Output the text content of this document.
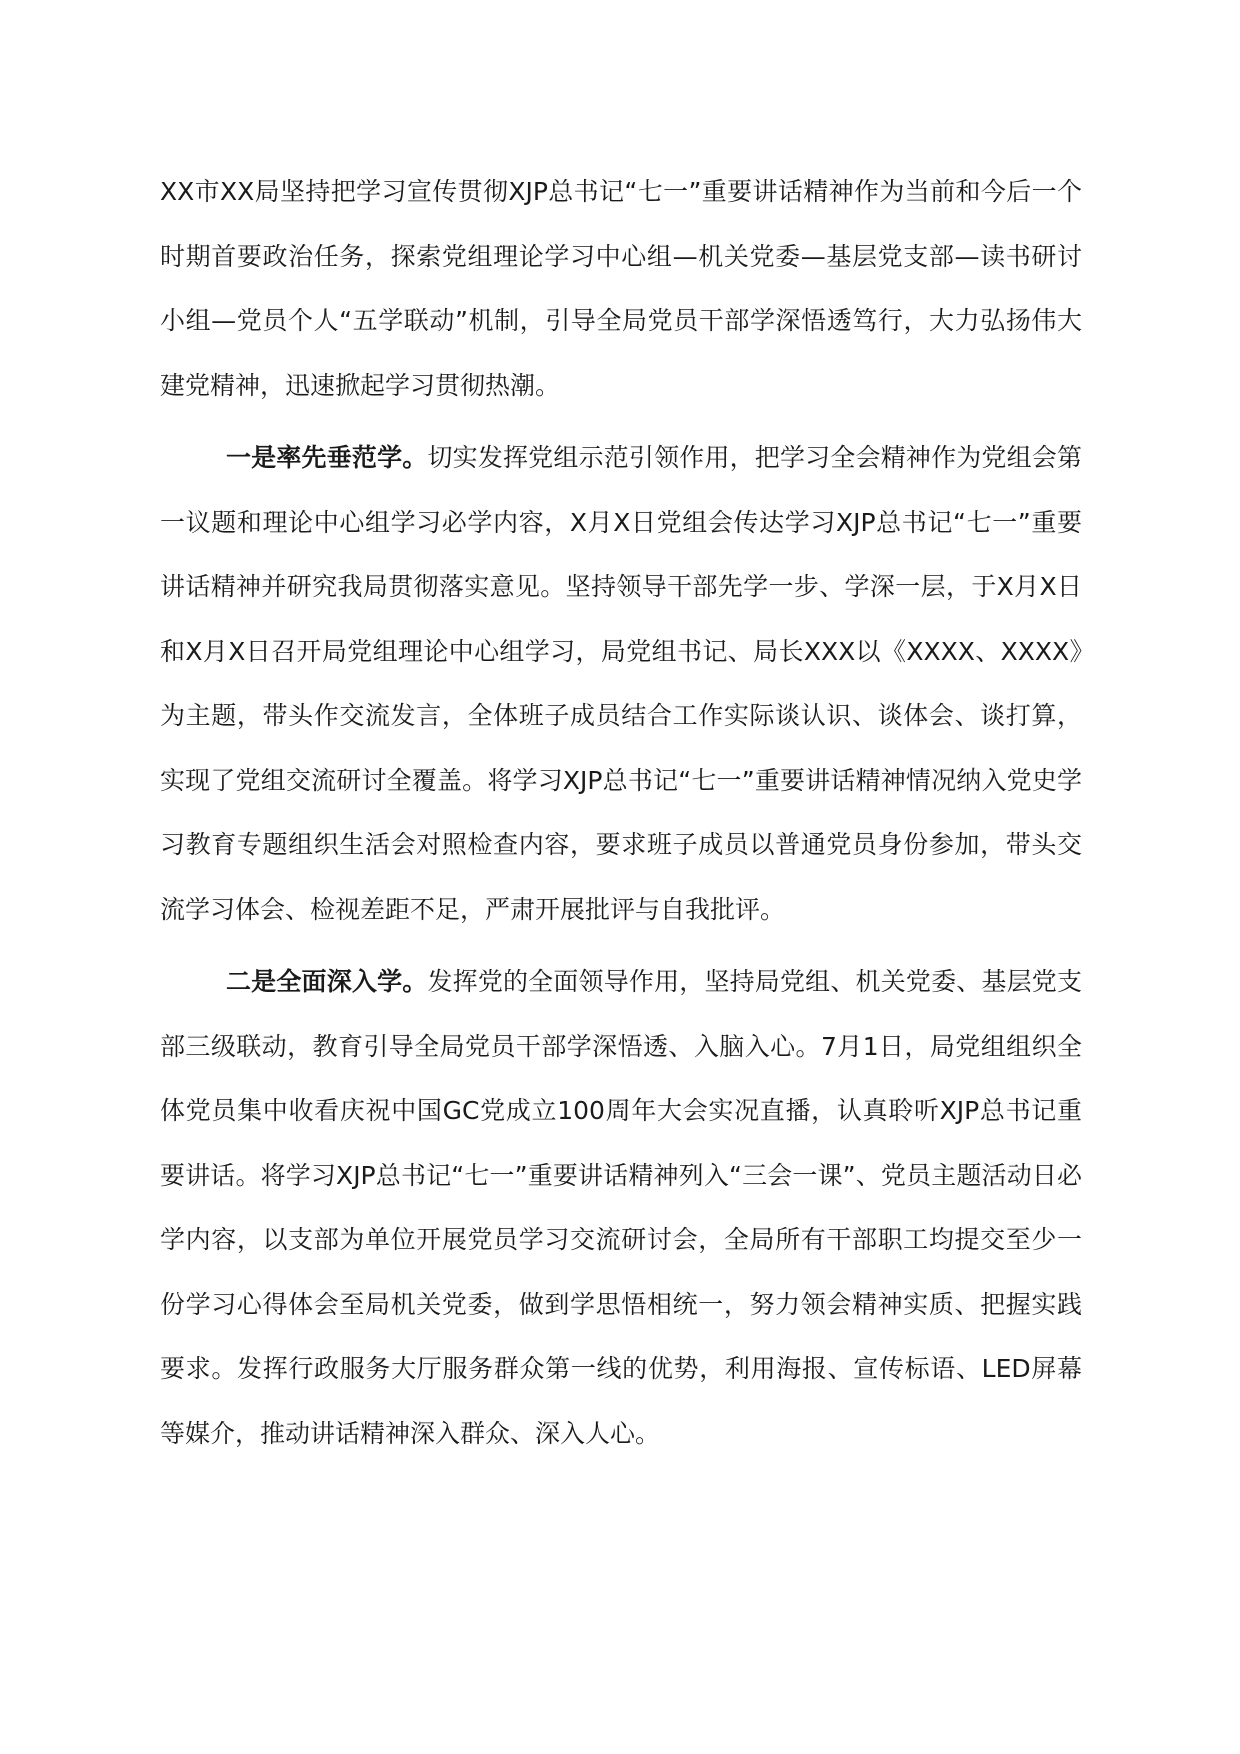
XX市XX局坚持把学习宣传贯彻XJP总书记“七一”重要讲话精神作为当前和今后一个时期首要政治任务，探索党组理论学习中心组—机关党委—基层党支部—读书研讨小组—党员个人“五学联动”机制，引导全局党员干部学深悟透笃行，大力弘扬伟大建党精神，迅速掀起学习贯彻热潮。

一是率先垂范学。切实发挥党组示范引领作用，把学习全会精神作为党组会第一议题和理论中心组学习必学内容，X月X日党组会传达学习XJP总书记“七一”重要讲话精神并研究我局贯彻落实意见。坚持领导干部先学一步、学深一层，于X月X日和X月X日召开局党组理论中心组学习，局党组书记、局长XXX以《XXXX、XXXX》为主题，带头作交流发言，全体班子成员结合工作实际谈认识、谈体会、谈打算，实现了党组交流研讨全覆盖。将学习XJP总书记“七一”重要讲话精神情况纳入党史学习教育专题组织生活会对照检查内容，要求班子成员以普通党员身份参加，带头交流学习体会、检视差距不足，严肃开展批评与自我批评。

二是全面深入学。发挥党的全面领导作用，坚持局党组、机关党委、基层党支部三级联动，教育引导全局党员干部学深悟透、入脑入心。7月1日，局党组组织全体党员集中收看庆祝中国GC党成立100周年大会实况直播，认真聆听XJP总书记重要讲话。将学习XJP总书记“七一”重要讲话精神列入“三会一课”、党员主题活动日必学内容，以支部为单位开展党员学习交流研讨会，全局所有干部职工均提交至少一份学习心得体会至局机关党委，做到学思悟相统一，努力领会精神实质、把握实践要求。发挥行政服务大厅服务群众第一线的优势，利用海报、宣传标语、LED屏幕等媒介，推动讲话精神深入群众、深入人心。
